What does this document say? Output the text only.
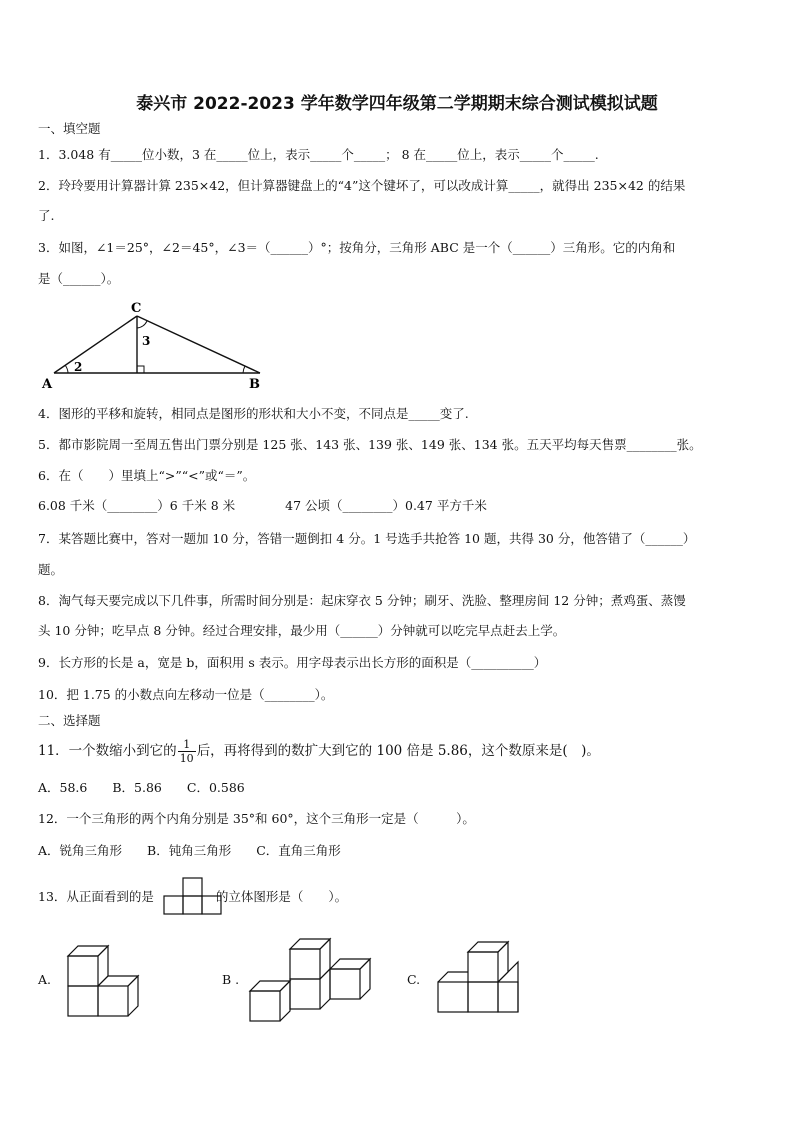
泰兴市 2022-2023 学年数学四年级第二学期期末综合测试模拟试题
一、填空题
1．3.048 有_____位小数，3 在_____位上，表示_____个_____； 8 在_____位上，表示_____个_____.
2．玲玲要用计算器计算 235×42，但计算器键盘上的“4”这个键坏了，可以改成计算_____，就得出 235×42 的结果
了.
3．如图，∠1＝25°，∠2＝45°，∠3＝（______）°；按角分，三角形 ABC 是一个（______）三角形。它的内角和
是（______）。
C
A	B
2
3
4．图形的平移和旋转，相同点是图形的形状和大小不变，不同点是_____变了.
5．都市影院周一至周五售出门票分别是 125 张、143 张、139 张、149 张、134 张。五天平均每天售票________张。
6．在（　　）里填上“>”“<”或“＝”。
6.08 千米（________）6 千米 8 米　　　　47 公顷（________）0.47 平方千米
7．某答题比赛中，答对一题加 10 分，答错一题倒扣 4 分。1 号选手共抢答 10 题，共得 30 分，他答错了（______）
题。
8．淘气每天要完成以下几件事，所需时间分别是：起床穿衣 5 分钟；刷牙、洗脸、整理房间 12 分钟；煮鸡蛋、蒸馒
头 10 分钟；吃早点 8 分钟。经过合理安排，最少用（______）分钟就可以吃完早点赶去上学。
9．长方形的长是 a，宽是 b，面积用 s 表示。用字母表示出长方形的面积是（__________）
10．把 1.75 的小数点向左移动一位是（________）。
二、选择题
11．一个数缩小到它的 $\frac{1}{10}$ 后，再将得到的数扩大到它的 100 倍是 5.86，这个数原来是(　)。
A．58.6　　B．5.86　　C．0.586
12．一个三角形的两个内角分别是 35°和 60°，这个三角形一定是（　　　）。
A．锐角三角形　　B．钝角三角形　　C．直角三角形
13．从正面看到的是	的立体图形是（　　）。
A.	B .	C.
